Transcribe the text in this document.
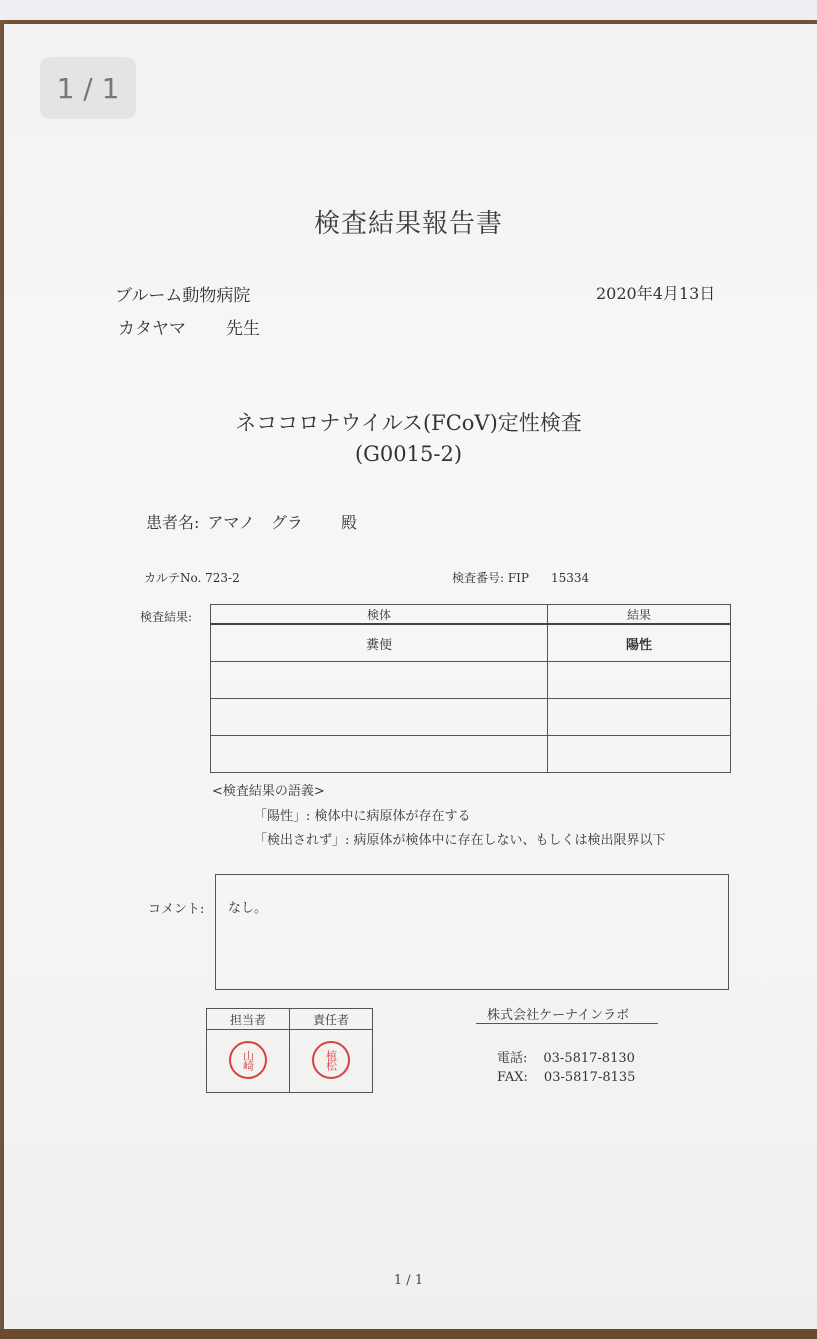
1 / 1
検査結果報告書
ブルーム動物病院
カタヤマ 先生
2020年4月13日
ネココロナウイルス(FCoV)定性検査
(G0015-2)
患者名: アマノ　グラ 殿
カルテNo. 723-2	検査番号: FIP 15334
検査結果:	検体	結果
糞便	陽性

<検査結果の語義>
「陽性」: 検体中に病原体が存在する
「検出されず」: 病原体が検体中に存在しない、もしくは検出限界以下
コメント: なし。
担当者	責任者
山崎	植松
株式会社ケーナインラボ
電話: 03-5817-8130
FAX: 03-5817-8135
1 / 1
